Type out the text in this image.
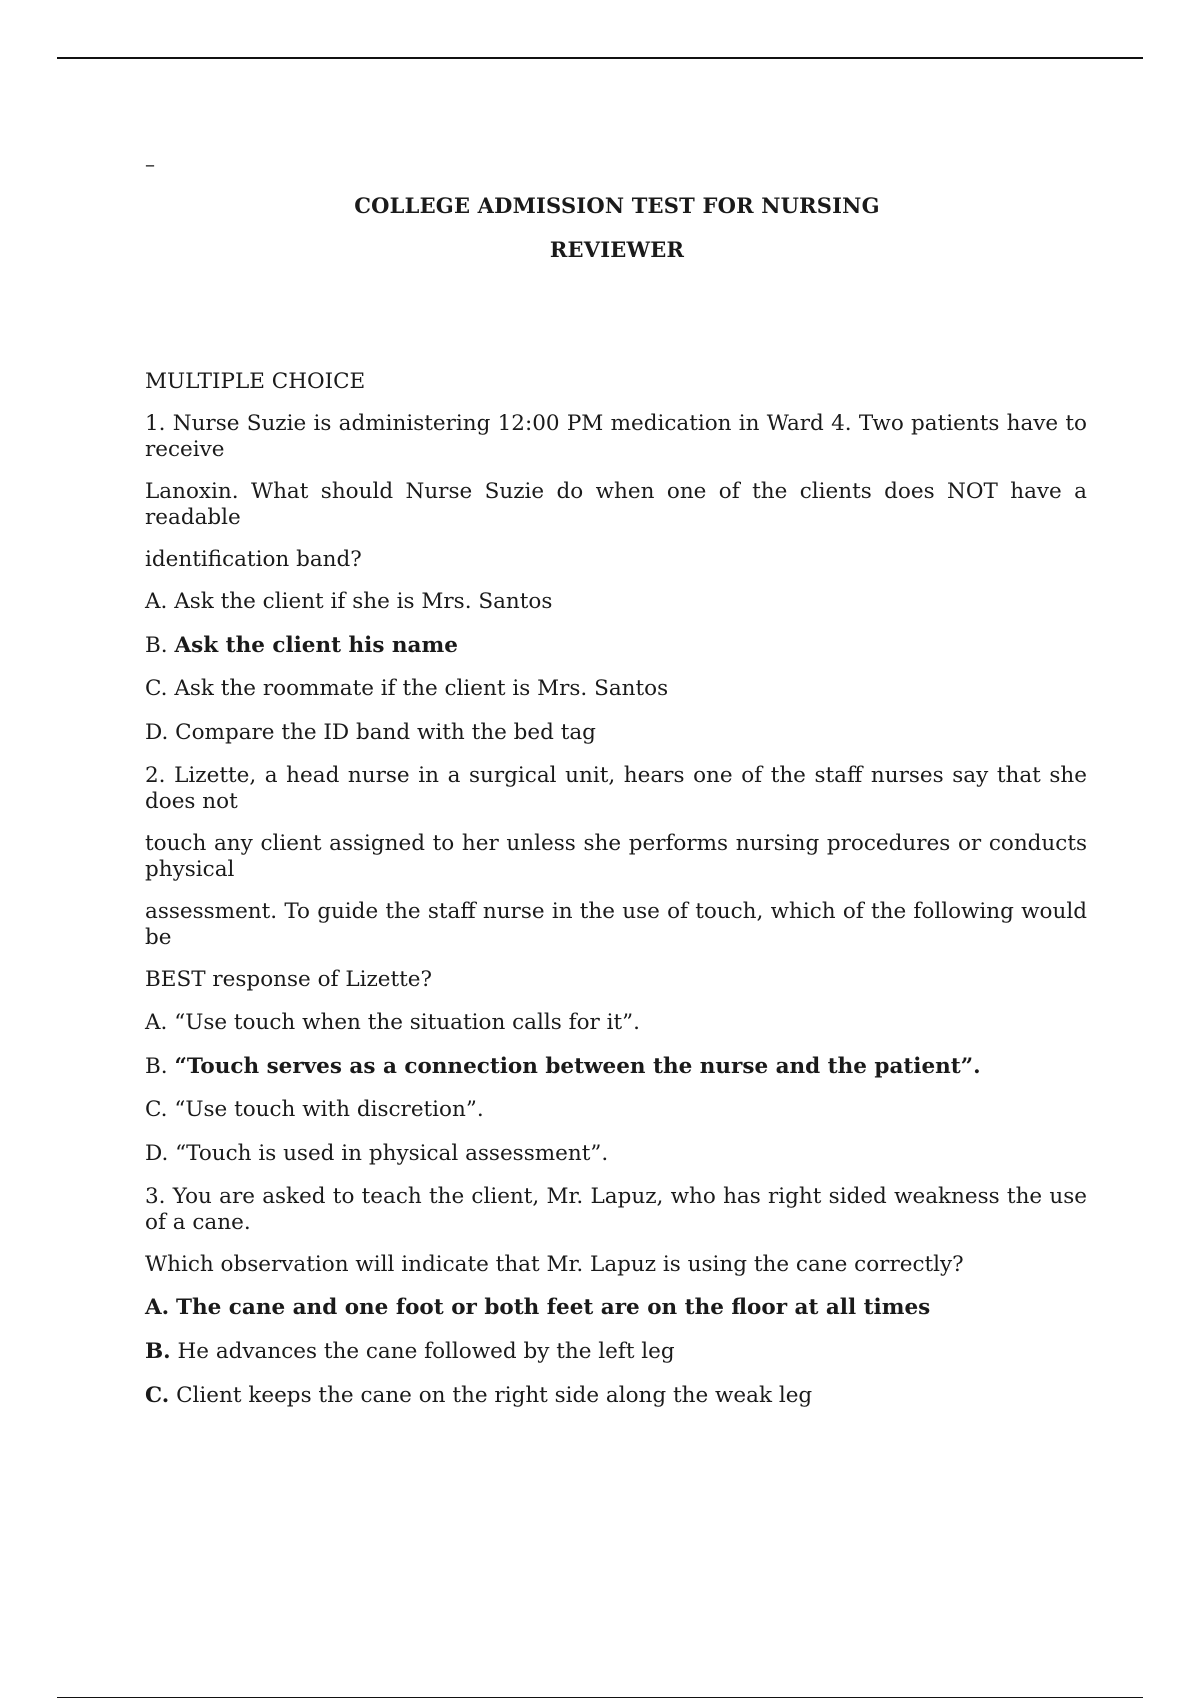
–
COLLEGE ADMISSION TEST FOR NURSING
REVIEWER

MULTIPLE CHOICE

1. Nurse Suzie is administering 12:00 PM medication in Ward 4. Two patients have to receive

Lanoxin. What should Nurse Suzie do when one of the clients does NOT have a readable

identification band?

A. Ask the client if she is Mrs. Santos

B. Ask the client his name

C. Ask the roommate if the client is Mrs. Santos

D. Compare the ID band with the bed tag

2. Lizette, a head nurse in a surgical unit, hears one of the staff nurses say that she does not

touch any client assigned to her unless she performs nursing procedures or conducts physical

assessment. To guide the staff nurse in the use of touch, which of the following would be

BEST response of Lizette?

A. “Use touch when the situation calls for it”.

B. “Touch serves as a connection between the nurse and the patient”.

C. “Use touch with discretion”.

D. “Touch is used in physical assessment”.

3. You are asked to teach the client, Mr. Lapuz, who has right sided weakness the use of a cane.

Which observation will indicate that Mr. Lapuz is using the cane correctly?

A. The cane and one foot or both feet are on the floor at all times

B. He advances the cane followed by the left leg

C. Client keeps the cane on the right side along the weak leg
